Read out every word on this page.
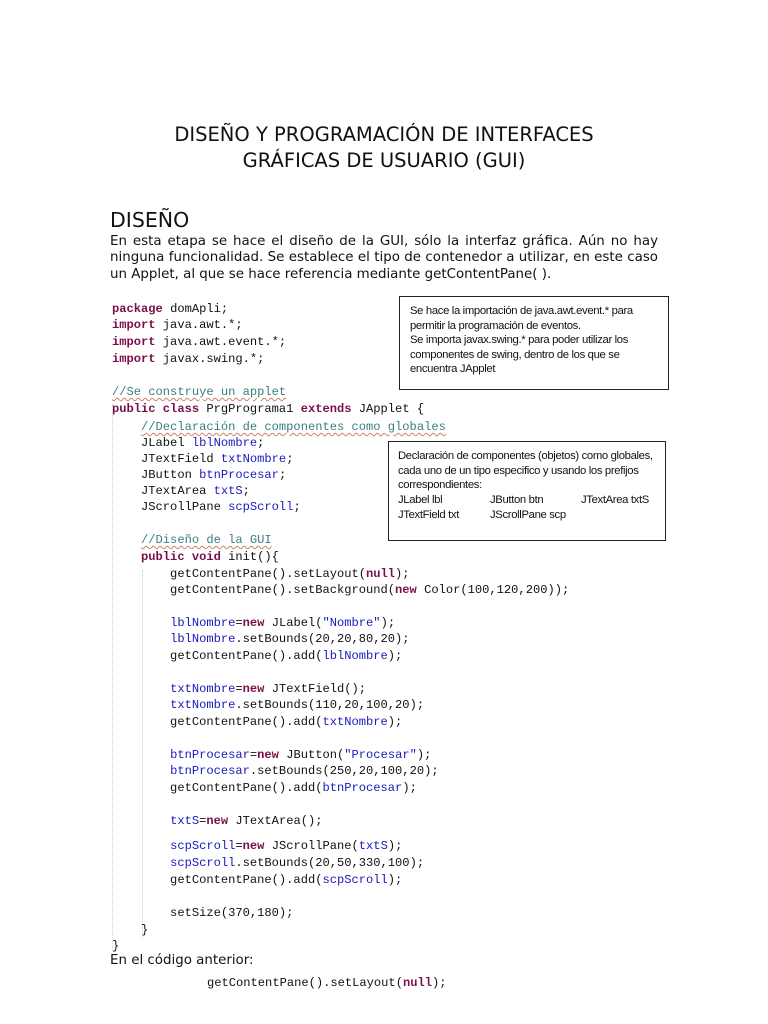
DISEÑO Y PROGRAMACIÓN DE INTERFACES
GRÁFICAS DE USUARIO (GUI)
DISEÑO
En esta etapa se hace el diseño de la GUI, sólo la interfaz gráfica. Aún no hay ninguna funcionalidad. Se establece el tipo de contenedor a utilizar, en este caso un Applet, al que se hace referencia mediante getContentPane( ).
package domApli;
import java.awt.*;
import java.awt.event.*;
import javax.swing.*;
//Se construye un applet
public class PrgPrograma1 extends JApplet {
//Declaración de componentes como globales
JLabel lblNombre;
JTextField txtNombre;
JButton btnProcesar;
JTextArea txtS;
JScrollPane scpScroll;
//Diseño de la GUI
public void init(){
getContentPane().setLayout(null);
getContentPane().setBackground(new Color(100,120,200));
lblNombre=new JLabel("Nombre");
lblNombre.setBounds(20,20,80,20);
getContentPane().add(lblNombre);
txtNombre=new JTextField();
txtNombre.setBounds(110,20,100,20);
getContentPane().add(txtNombre);
btnProcesar=new JButton("Procesar");
btnProcesar.setBounds(250,20,100,20);
getContentPane().add(btnProcesar);
txtS=new JTextArea();
scpScroll=new JScrollPane(txtS);
scpScroll.setBounds(20,50,330,100);
getContentPane().add(scpScroll);
setSize(370,180);
}
}
Se hace la importación de java.awt.event.* para
permitir la programación de eventos.
Se importa javax.swing.* para poder utilizar los
componentes de swing, dentro de los que se
encuentra JApplet
Declaración de componentes (objetos) como globales,
cada uno de un tipo especifico y usando los prefijos
correspondientes:
JLabel lbl	JButton btn	JTextArea txtS
JTextField txt	JScrollPane scp
En el código anterior:
getContentPane().setLayout(null);
